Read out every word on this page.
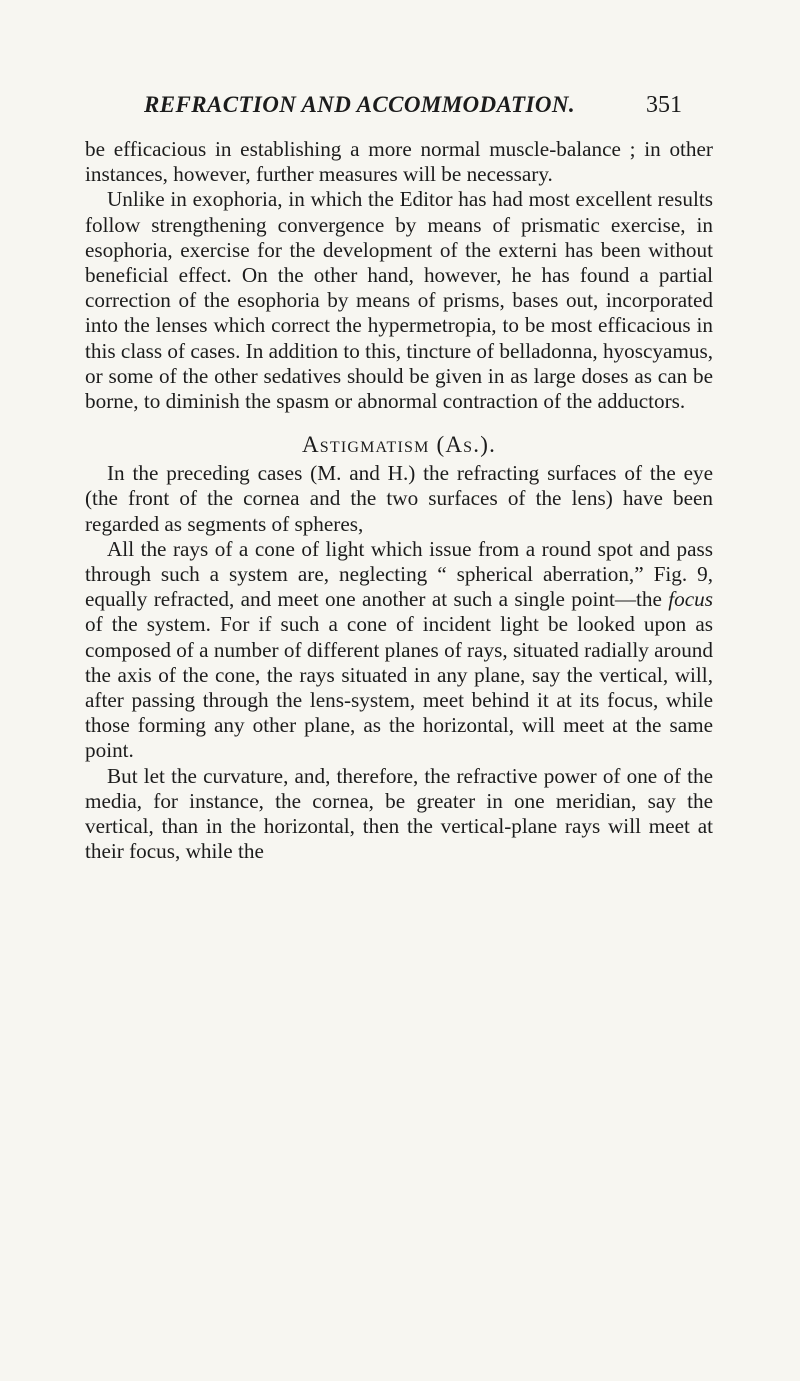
REFRACTION AND ACCOMMODATION.	351

be efficacious in establishing a more normal muscle-balance ; in other instances, however, further measures will be necessary.

Unlike in exophoria, in which the Editor has had most excellent results follow strengthening convergence by means of prismatic exercise, in esophoria, exercise for the development of the externi has been without beneficial effect. On the other hand, however, he has found a partial correction of the esophoria by means of prisms, bases out, incorporated into the lenses which correct the hypermetropia, to be most efficacious in this class of cases. In addition to this, tincture of belladonna, hyoscyamus, or some of the other sedatives should be given in as large doses as can be borne, to diminish the spasm or abnormal contraction of the adductors.

Astigmatism (As.).

In the preceding cases (M. and H.) the refracting surfaces of the eye (the front of the cornea and the two surfaces of the lens) have been regarded as segments of spheres,

All the rays of a cone of light which issue from a round spot and pass through such a system are, neglecting “ spherical aberration,” Fig. 9, equally refracted, and meet one another at such a single point—the focus of the system. For if such a cone of incident light be looked upon as composed of a number of different planes of rays, situated radially around the axis of the cone, the rays situated in any plane, say the vertical, will, after passing through the lens-system, meet behind it at its focus, while those forming any other plane, as the horizontal, will meet at the same point.

But let the curvature, and, therefore, the refractive power of one of the media, for instance, the cornea, be greater in one meridian, say the vertical, than in the horizontal, then the vertical-plane rays will meet at their focus, while the
